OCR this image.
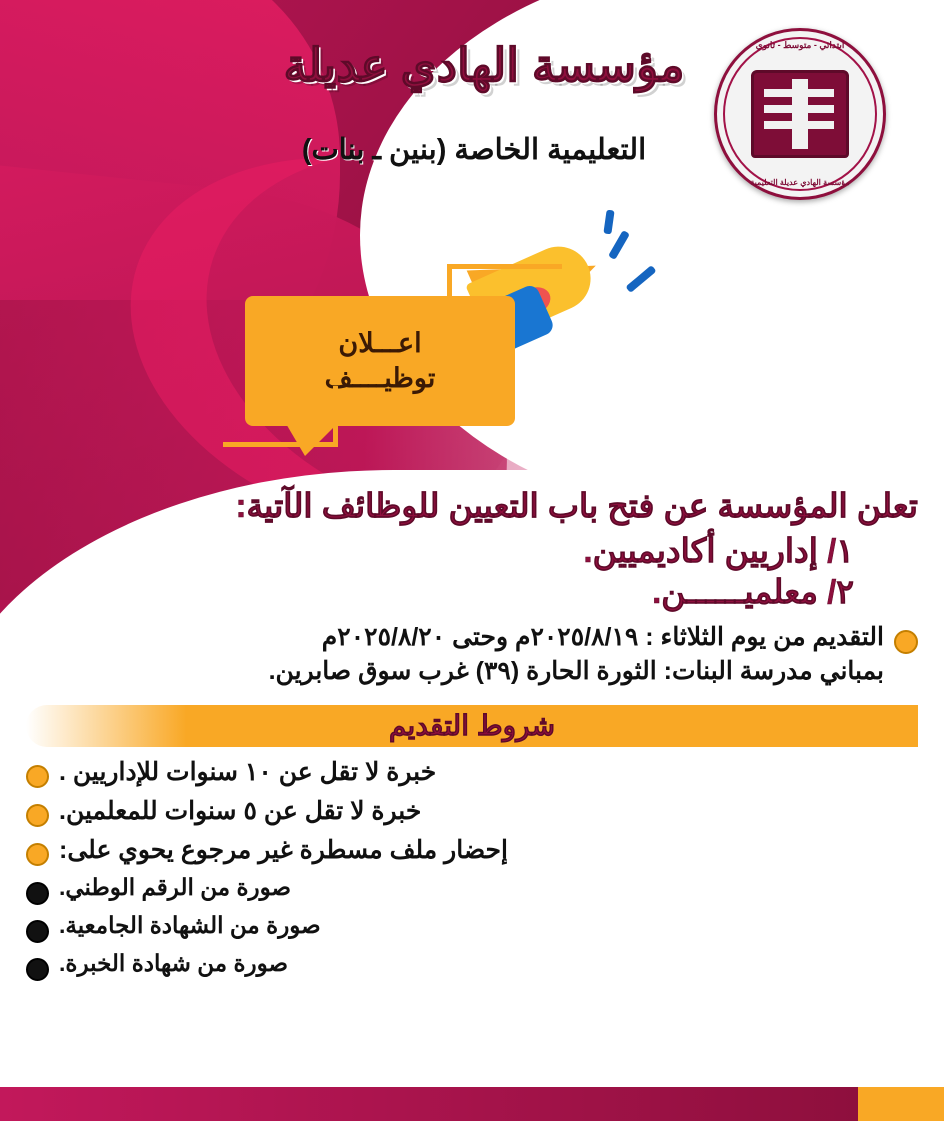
ابتدائي - متوسط - ثانوي
مؤسسة الهادي عديلة التعليمية
مؤسسة الهادي عديلة
التعليمية الخاصة (بنين ـ بنات)
اعـــلان
توظيــــف

تعلن المؤسسة عن فتح باب التعيين للوظائف الآتية:

١/ إداريين أكاديميين.

٢/ معلميــــــن.

التقديم من يوم الثلاثاء : ٢٠٢٥/٨/١٩م وحتى ٢٠٢٥/٨/٢٠م

بمباني مدرسة البنات: الثورة الحارة (٣٩) غرب سوق صابرين.

شروط التقديم
خبرة لا تقل عن ١٠ سنوات للإداريين .
خبرة لا تقل عن ٥ سنوات للمعلمين.
إحضار ملف مسطرة غير مرجوع يحوي على:
صورة من الرقم الوطني.
صورة من الشهادة الجامعية.
صورة من شهادة الخبرة.
